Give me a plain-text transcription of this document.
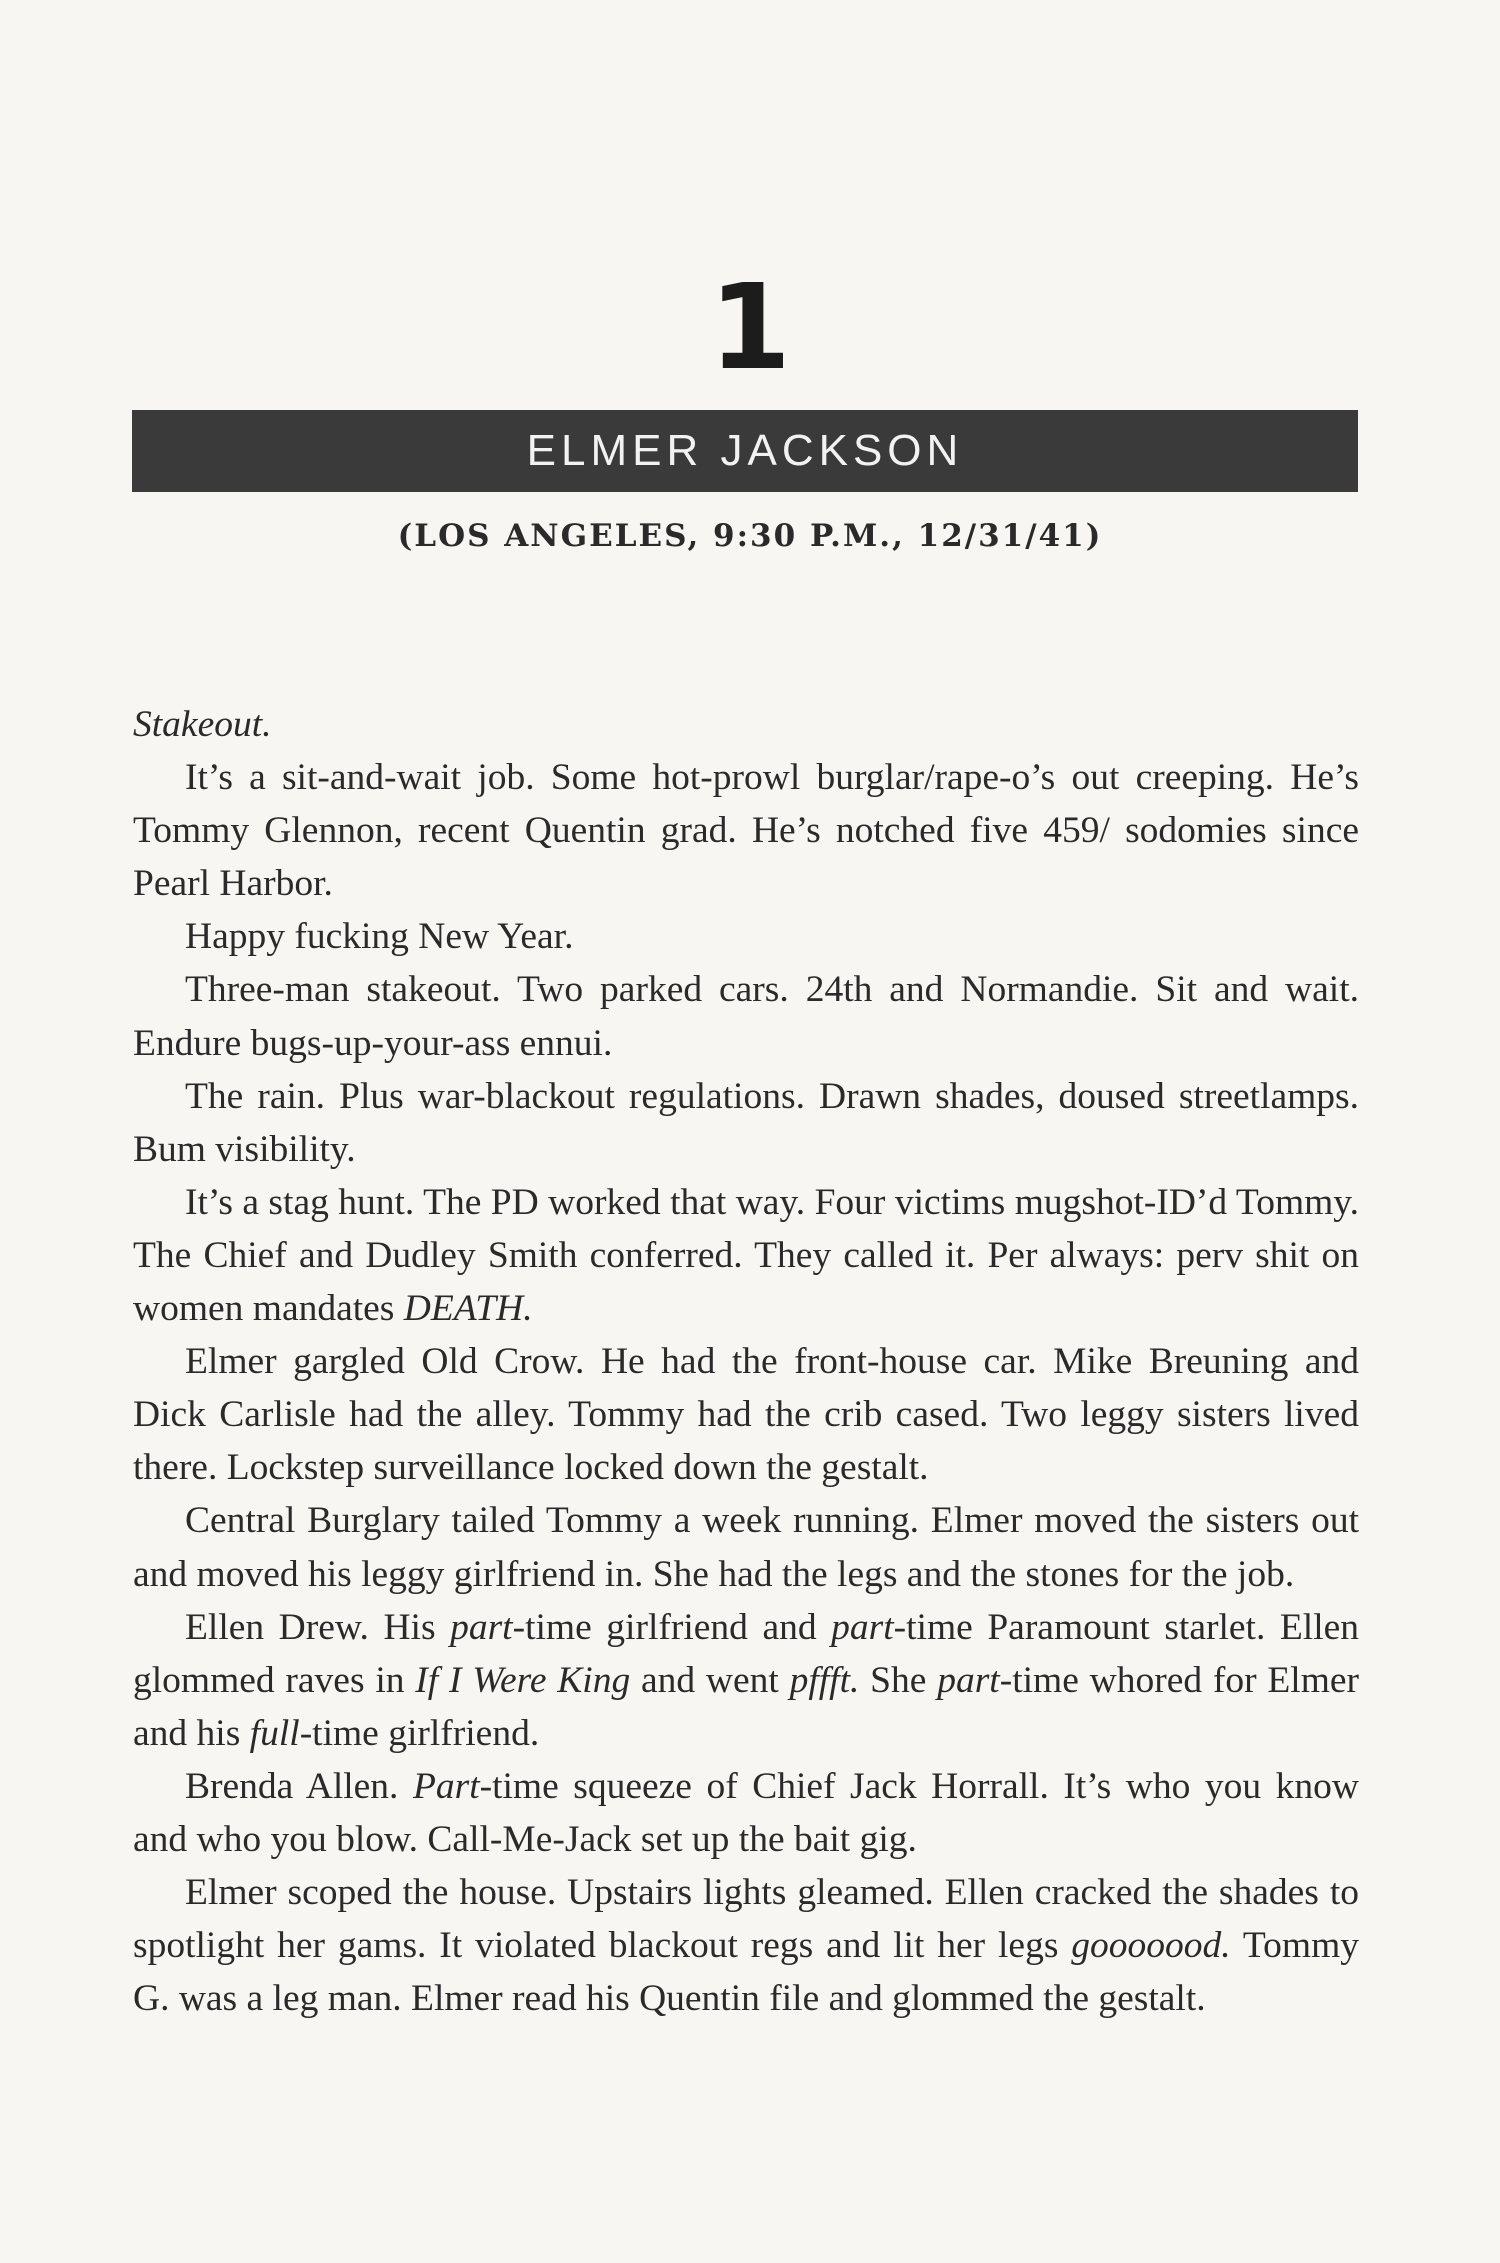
1
ELMER JACKSON
(LOS ANGELES, 9:30 P.M., 12/31/41)

Stakeout.

It’s a sit-and-wait job. Some hot-prowl burglar/rape-o’s out creeping. He’s Tommy Glennon, recent Quentin grad. He’s notched five 459/ sodomies since Pearl Harbor.

Happy fucking New Year.

Three-man stakeout. Two parked cars. 24th and Normandie. Sit and wait. Endure bugs-up-your-ass ennui.

The rain. Plus war-blackout regulations. Drawn shades, doused streetlamps. Bum visibility.

It’s a stag hunt. The PD worked that way. Four victims mugshot-ID’d Tommy. The Chief and Dudley Smith conferred. They called it. Per always: perv shit on women mandates DEATH.

Elmer gargled Old Crow. He had the front-house car. Mike Breuning and Dick Carlisle had the alley. Tommy had the crib cased. Two leggy sisters lived there. Lockstep surveillance locked down the gestalt.

Central Burglary tailed Tommy a week running. Elmer moved the sisters out and moved his leggy girlfriend in. She had the legs and the stones for the job.

Ellen Drew. His part-time girlfriend and part-time Paramount starlet. Ellen glommed raves in If I Were King and went pffft. She part-time whored for Elmer and his full-time girlfriend.

Brenda Allen. Part-time squeeze of Chief Jack Horrall. It’s who you know and who you blow. Call-Me-Jack set up the bait gig.

Elmer scoped the house. Upstairs lights gleamed. Ellen cracked the shades to spotlight her gams. It violated blackout regs and lit her legs gooooood. Tommy G. was a leg man. Elmer read his Quentin file and glommed the gestalt.
